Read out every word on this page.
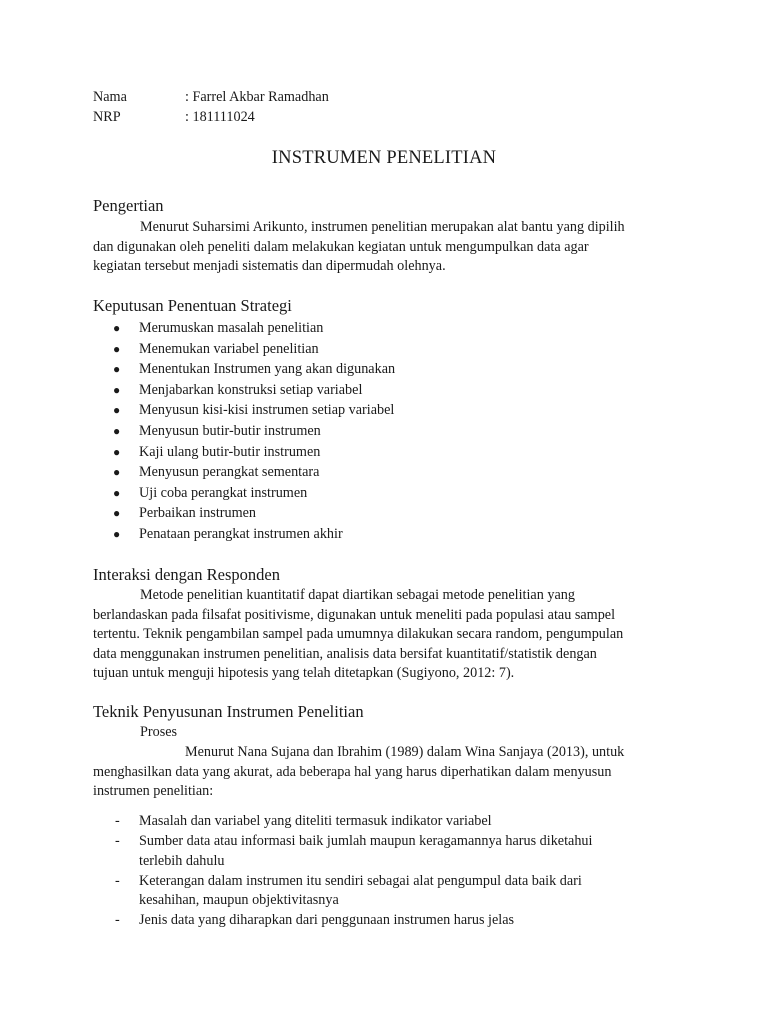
Nama	: Farrel Akbar Ramadhan
NRP	: 181111024
INSTRUMEN PENELITIAN
Pengertian
Menurut Suharsimi Arikunto, instrumen penelitian merupakan alat bantu yang dipilih
dan digunakan oleh peneliti dalam melakukan kegiatan untuk mengumpulkan data agar
kegiatan tersebut menjadi sistematis dan dipermudah olehnya.
Keputusan Penentuan Strategi
● Merumuskan masalah penelitian
● Menemukan variabel penelitian
● Menentukan Instrumen yang akan digunakan
● Menjabarkan konstruksi setiap variabel
● Menyusun kisi-kisi instrumen setiap variabel
● Menyusun butir-butir instrumen
● Kaji ulang butir-butir instrumen
● Menyusun perangkat sementara
● Uji coba perangkat instrumen
● Perbaikan instrumen
● Penataan perangkat instrumen akhir
Interaksi dengan Responden
Metode penelitian kuantitatif dapat diartikan sebagai metode penelitian yang
berlandaskan pada filsafat positivisme, digunakan untuk meneliti pada populasi atau sampel
tertentu. Teknik pengambilan sampel pada umumnya dilakukan secara random, pengumpulan
data menggunakan instrumen penelitian, analisis data bersifat kuantitatif/statistik dengan
tujuan untuk menguji hipotesis yang telah ditetapkan (Sugiyono, 2012: 7).
Teknik Penyusunan Instrumen Penelitian
Proses
Menurut Nana Sujana dan Ibrahim (1989) dalam Wina Sanjaya (2013), untuk
menghasilkan data yang akurat, ada beberapa hal yang harus diperhatikan dalam menyusun
instrumen penelitian:
- Masalah dan variabel yang diteliti termasuk indikator variabel
- Sumber data atau informasi baik jumlah maupun keragamannya harus diketahui
terlebih dahulu
- Keterangan dalam instrumen itu sendiri sebagai alat pengumpul data baik dari
kesahihan, maupun objektivitasnya
- Jenis data yang diharapkan dari penggunaan instrumen harus jelas
